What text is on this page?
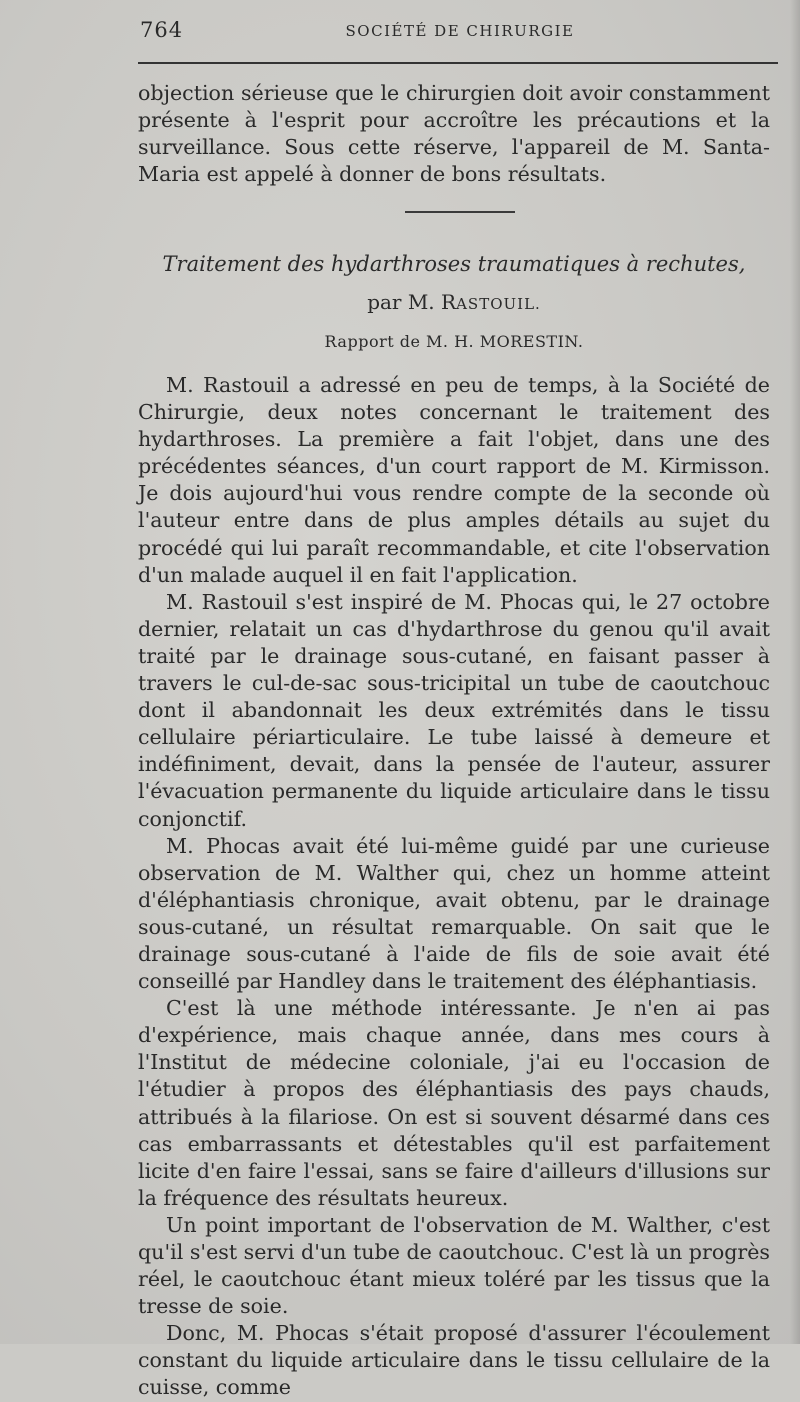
764	SOCIÉTÉ DE CHIRURGIE

objection sérieuse que le chirurgien doit avoir constamment présente à l'esprit pour accroître les précautions et la surveillance. Sous cette réserve, l'appareil de M. Santa-Maria est appelé à donner de bons résultats.

Traitement des hydarthroses traumatiques à rechutes,
par M. RASTOUIL.
Rapport de M. H. MORESTIN.

M. Rastouil a adressé en peu de temps, à la Société de Chirurgie, deux notes concernant le traitement des hydarthroses. La première a fait l'objet, dans une des précédentes séances, d'un court rapport de M. Kirmisson. Je dois aujourd'hui vous rendre compte de la seconde où l'auteur entre dans de plus amples détails au sujet du procédé qui lui paraît recommandable, et cite l'observation d'un malade auquel il en fait l'application.

M. Rastouil s'est inspiré de M. Phocas qui, le 27 octobre dernier, relatait un cas d'hydarthrose du genou qu'il avait traité par le drainage sous-cutané, en faisant passer à travers le cul-de-sac sous-tricipital un tube de caoutchouc dont il abandonnait les deux extrémités dans le tissu cellulaire périarticulaire. Le tube laissé à demeure et indéfiniment, devait, dans la pensée de l'auteur, assurer l'évacuation permanente du liquide articulaire dans le tissu conjonctif.

M. Phocas avait été lui-même guidé par une curieuse observation de M. Walther qui, chez un homme atteint d'éléphantiasis chronique, avait obtenu, par le drainage sous-cutané, un résultat remarquable. On sait que le drainage sous-cutané à l'aide de fils de soie avait été conseillé par Handley dans le traitement des éléphantiasis.

C'est là une méthode intéressante. Je n'en ai pas d'expérience, mais chaque année, dans mes cours à l'Institut de médecine coloniale, j'ai eu l'occasion de l'étudier à propos des éléphantiasis des pays chauds, attribués à la filariose. On est si souvent désarmé dans ces cas embarrassants et détestables qu'il est parfaitement licite d'en faire l'essai, sans se faire d'ailleurs d'illusions sur la fréquence des résultats heureux.

Un point important de l'observation de M. Walther, c'est qu'il s'est servi d'un tube de caoutchouc. C'est là un progrès réel, le caoutchouc étant mieux toléré par les tissus que la tresse de soie.

Donc, M. Phocas s'était proposé d'assurer l'écoulement constant du liquide articulaire dans le tissu cellulaire de la cuisse, comme
